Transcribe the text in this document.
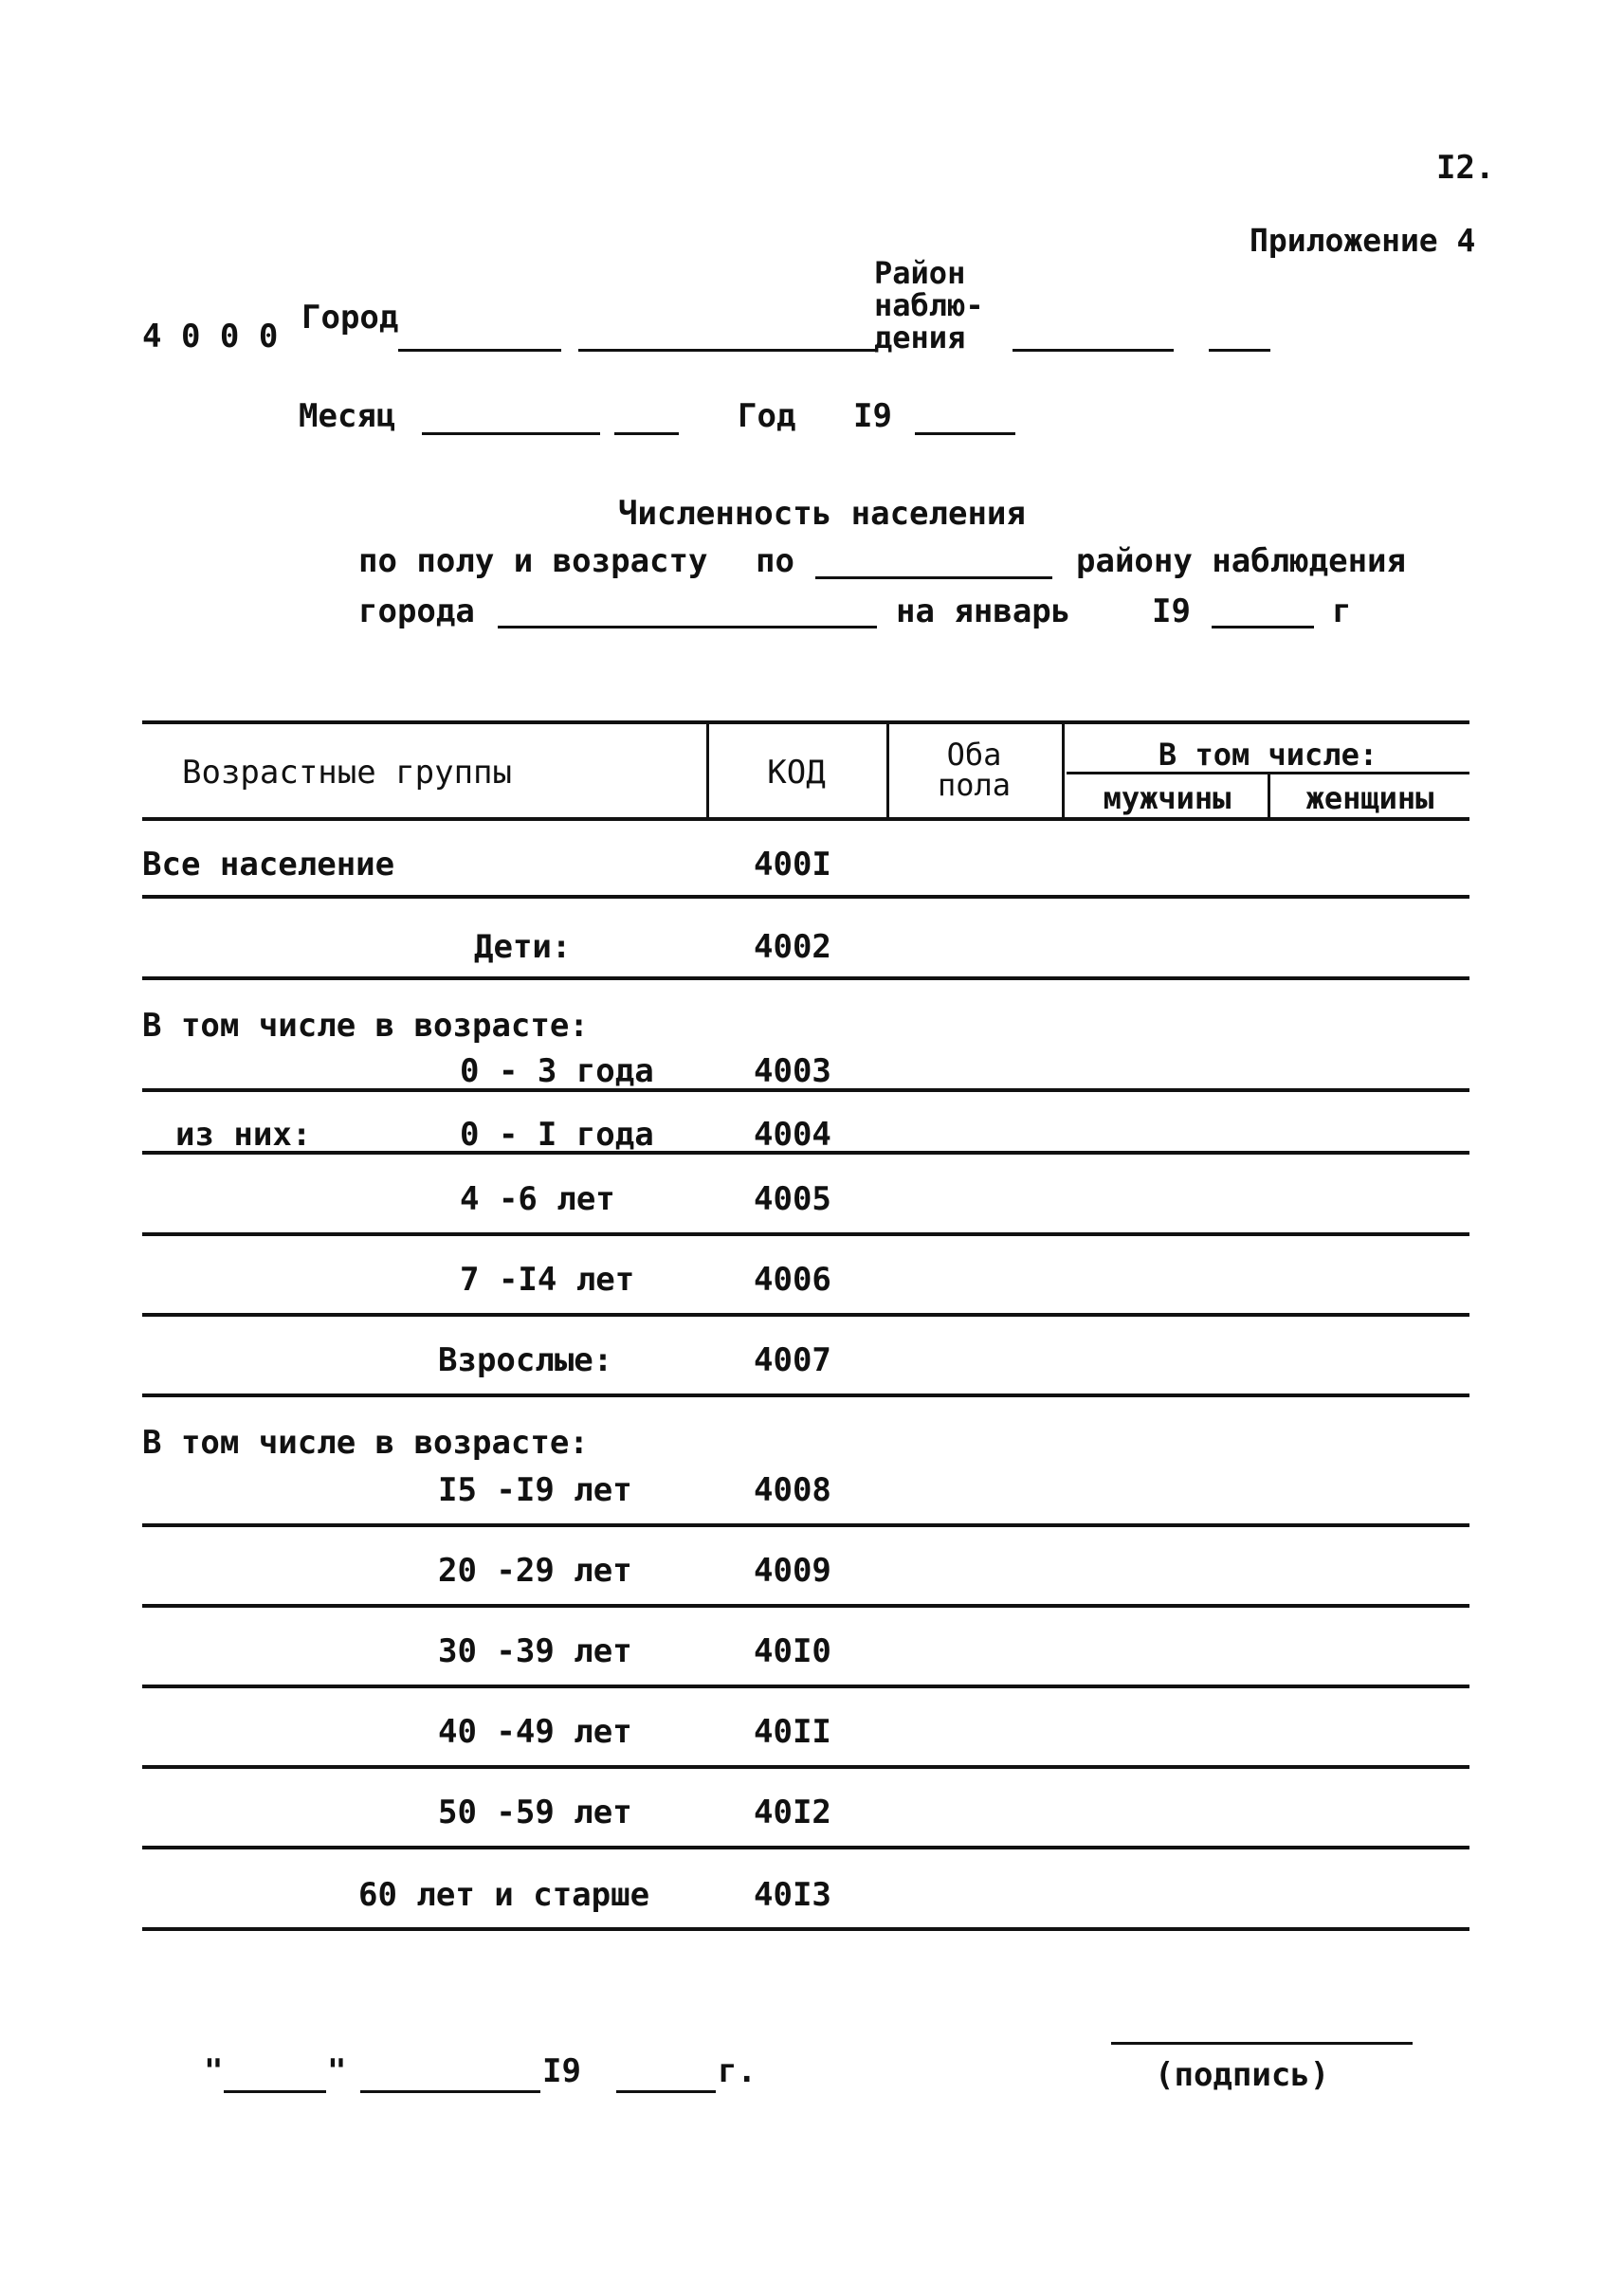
I2.
Приложение 4
4 0 0 0 Город
Район
наблю-
дения
Месяц	Год I9
Численность населения
по полу и возрасту по	району наблюдения
города	на январь	I9	г
Возрастные группы	КОД	Оба
пола
В том числе:
мужчины	женщины
Все население	400I
Дети:	4002
В том числе в возрасте:
0 - 3 года	4003
из них:	0 - I года	4004
4 -6 лет	4005
7 -I4 лет	4006
Взрослые:	4007
В том числе в возрасте:
I5 -I9 лет	4008
20 -29 лет	4009
30 -39 лет	40I0
40 -49 лет	40II
50 -59 лет	40I2
60 лет и старше	40I3
"	"	I9	г.	(подпись)
